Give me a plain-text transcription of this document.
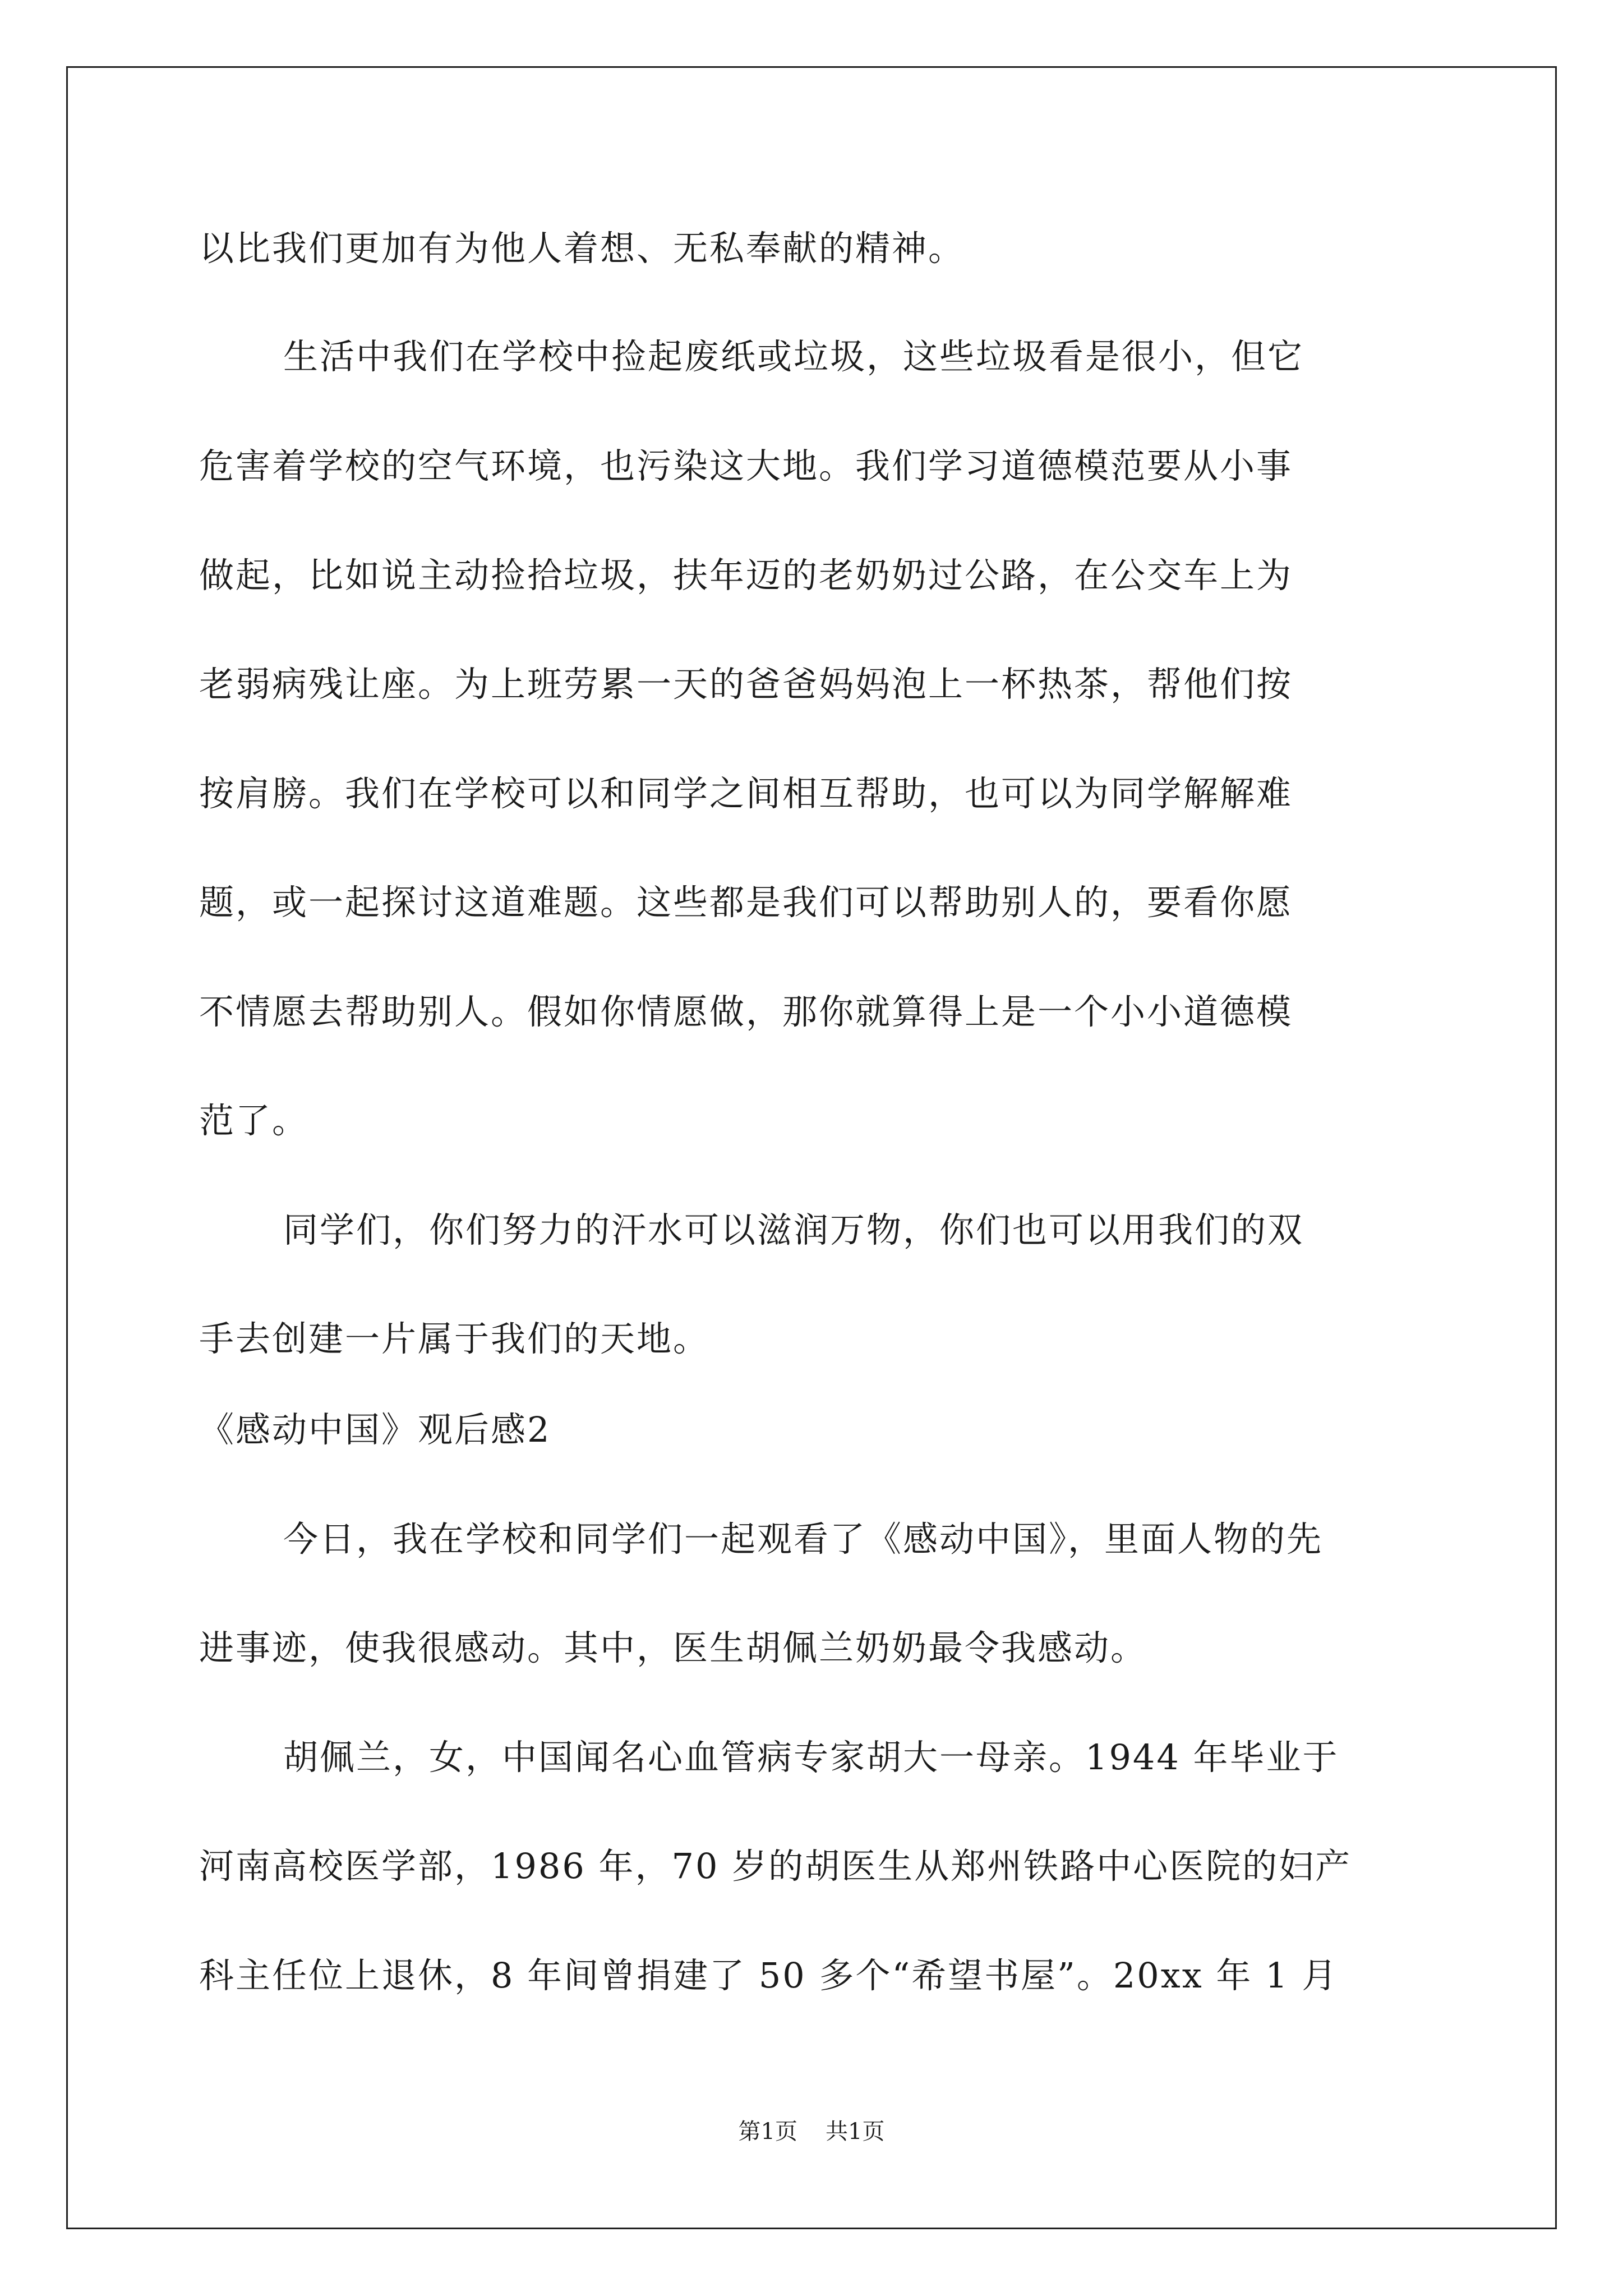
以比我们更加有为他人着想、无私奉献的精神。
生活中我们在学校中捡起废纸或垃圾，这些垃圾看是很小，但它
危害着学校的空气环境，也污染这大地。我们学习道德模范要从小事
做起，比如说主动捡拾垃圾，扶年迈的老奶奶过公路，在公交车上为
老弱病残让座。为上班劳累一天的爸爸妈妈泡上一杯热茶，帮他们按
按肩膀。我们在学校可以和同学之间相互帮助，也可以为同学解解难
题，或一起探讨这道难题。这些都是我们可以帮助别人的，要看你愿
不情愿去帮助别人。假如你情愿做，那你就算得上是一个小小道德模
范了。
同学们，你们努力的汗水可以滋润万物，你们也可以用我们的双
手去创建一片属于我们的天地。
《感动中国》观后感2
今日，我在学校和同学们一起观看了《感动中国》，里面人物的先
进事迹，使我很感动。其中，医生胡佩兰奶奶最令我感动。
胡佩兰，女，中国闻名心血管病专家胡大一母亲。1944 年毕业于
河南高校医学部，1986 年，70 岁的胡医生从郑州铁路中心医院的妇产
科主任位上退休，8 年间曾捐建了 50 多个“希望书屋”。20xx 年 1 月
第1页 共1页
